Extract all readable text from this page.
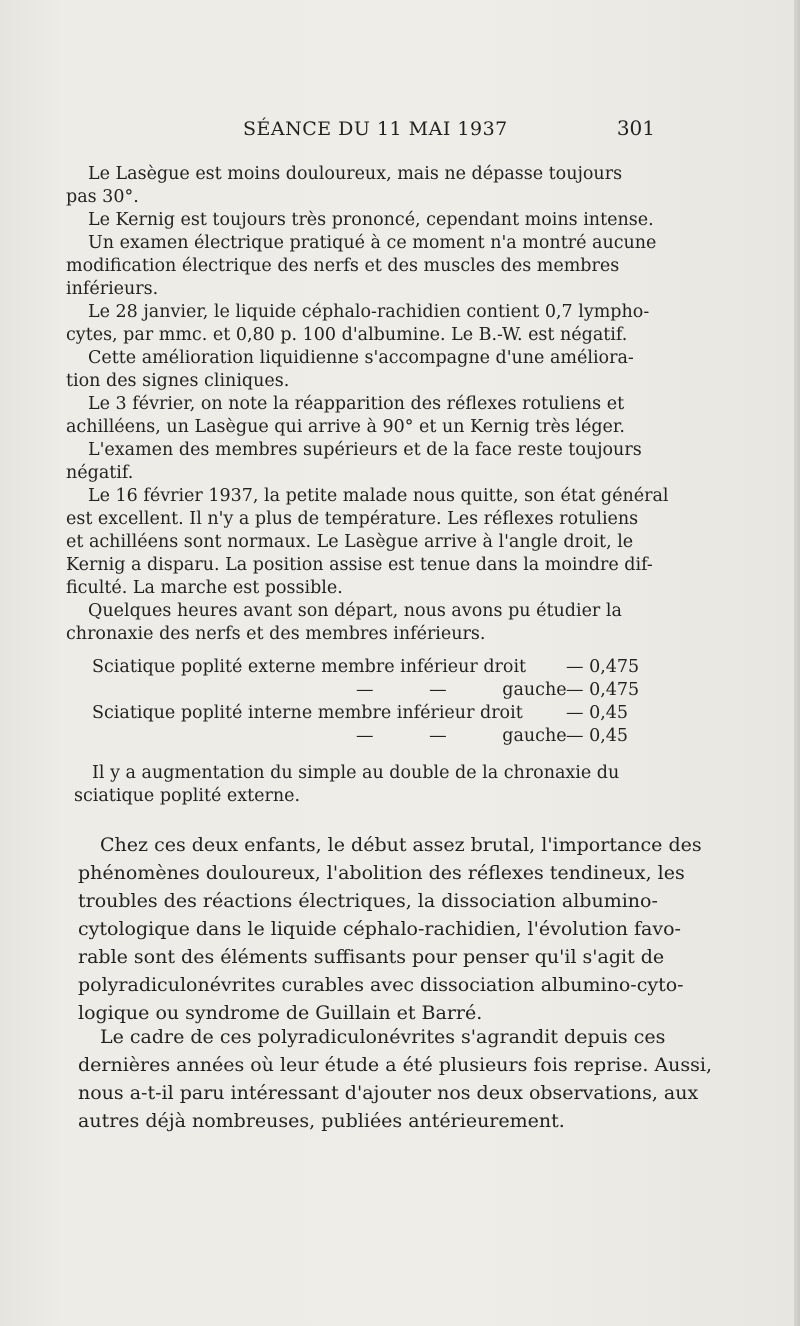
SÉANCE DU 11 MAI 1937	301
Le Lasègue est moins douloureux, mais ne dépasse toujours
pas 30°.
Le Kernig est toujours très prononcé, cependant moins intense.
Un examen électrique pratiqué à ce moment n'a montré aucune
modification électrique des nerfs et des muscles des membres
inférieurs.
Le 28 janvier, le liquide céphalo-rachidien contient 0,7 lympho-
cytes, par mmc. et 0,80 p. 100 d'albumine. Le B.-W. est négatif.
Cette amélioration liquidienne s'accompagne d'une améliora-
tion des signes cliniques.
Le 3 février, on note la réapparition des réflexes rotuliens et
achilléens, un Lasègue qui arrive à 90° et un Kernig très léger.
L'examen des membres supérieurs et de la face reste toujours
négatif.
Le 16 février 1937, la petite malade nous quitte, son état général
est excellent. Il n'y a plus de température. Les réflexes rotuliens
et achilléens sont normaux. Le Lasègue arrive à l'angle droit, le
Kernig a disparu. La position assise est tenue dans la moindre dif-
ficulté. La marche est possible.
Quelques heures avant son départ, nous avons pu étudier la
chronaxie des nerfs et des membres inférieurs.
Sciatique poplité externe membre inférieur droit — 0,475
—          —          gauche — 0,475
Sciatique poplité interne membre inférieur droit — 0,45
—          —          gauche — 0,45
Il y a augmentation du simple au double de la chronaxie du
sciatique poplité externe.
Chez ces deux enfants, le début assez brutal, l'importance des
phénomènes douloureux, l'abolition des réflexes tendineux, les
troubles des réactions électriques, la dissociation albumino-
cytologique dans le liquide céphalo-rachidien, l'évolution favo-
rable sont des éléments suffisants pour penser qu'il s'agit de
polyradiculonévrites curables avec dissociation albumino-cyto-
logique ou syndrome de Guillain et Barré.
Le cadre de ces polyradiculonévrites s'agrandit depuis ces
dernières années où leur étude a été plusieurs fois reprise. Aussi,
nous a-t-il paru intéressant d'ajouter nos deux observations, aux
autres déjà nombreuses, publiées antérieurement.
